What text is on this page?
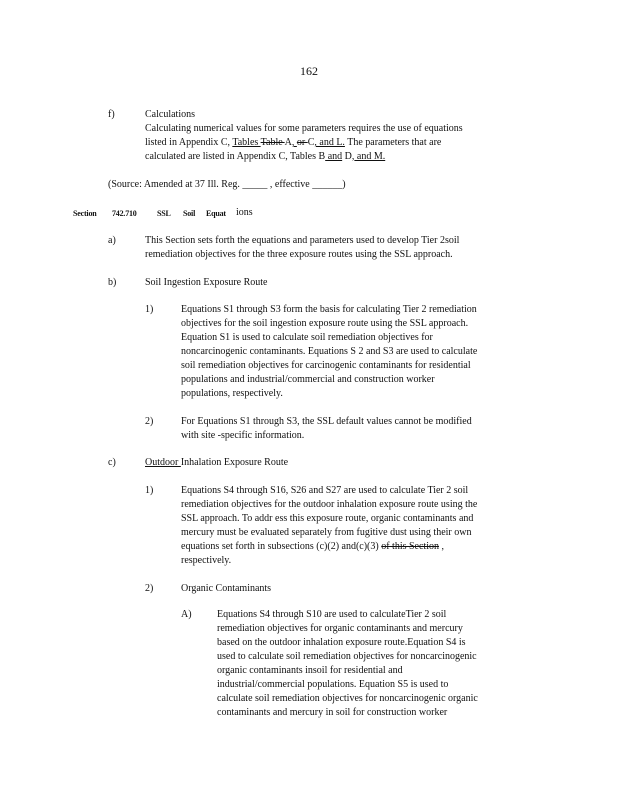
162
f)	Calculations
Calculating numerical values for some parameters requires the use of equations
listed in Appendix C, Tables Table A, or C, and L. The parameters that are
calculated are listed in Appendix C, Tables B and D, and M.
(Source: Amended at 37 Ill. Reg. _____ , effective ______)
Section 742.710	SSL Soil Equat ions
a)	This Section sets forth the equations and parameters used to develop Tier 2soil
remediation objectives for the three exposure routes using the SSL approach.
b)	Soil Ingestion Exposure Route
1)	Equations S1 through S3 form the basis for calculating Tier 2 remediation
objectives for the soil ingestion exposure route using the SSL approach.
Equation S1 is used to calculate soil remediation objectives for
noncarcinogenic contaminants. Equations S 2 and S3 are used to calculate
soil remediation objectives for carcinogenic contaminants for residential
populations and industrial/commercial and construction worker
populations, respectively.
2)	For Equations S1 through S3, the SSL default values cannot be modified
with site -specific information.
c)	Outdoor Inhalation Exposure Route
1)	Equations S4 through S16, S26 and S27 are used to calculate Tier 2 soil
remediation objectives for the outdoor inhalation exposure route using the
SSL approach. To addr ess this exposure route, organic contaminants and
mercury must be evaluated separately from fugitive dust using their own
equations set forth in subsections (c)(2) and(c)(3) of this Section ,
respectively.
2)	Organic Contaminants
A)	Equations S4 through S10 are used to calculateTier 2 soil
remediation objectives for organic contaminants and mercury
based on the outdoor inhalation exposure route.Equation S4 is
used to calculate soil remediation objectives for noncarcinogenic
organic contaminants insoil for residential and
industrial/commercial populations. Equation S5 is used to
calculate soil remediation objectives for noncarcinogenic organic
contaminants and mercury in soil for construction worker
